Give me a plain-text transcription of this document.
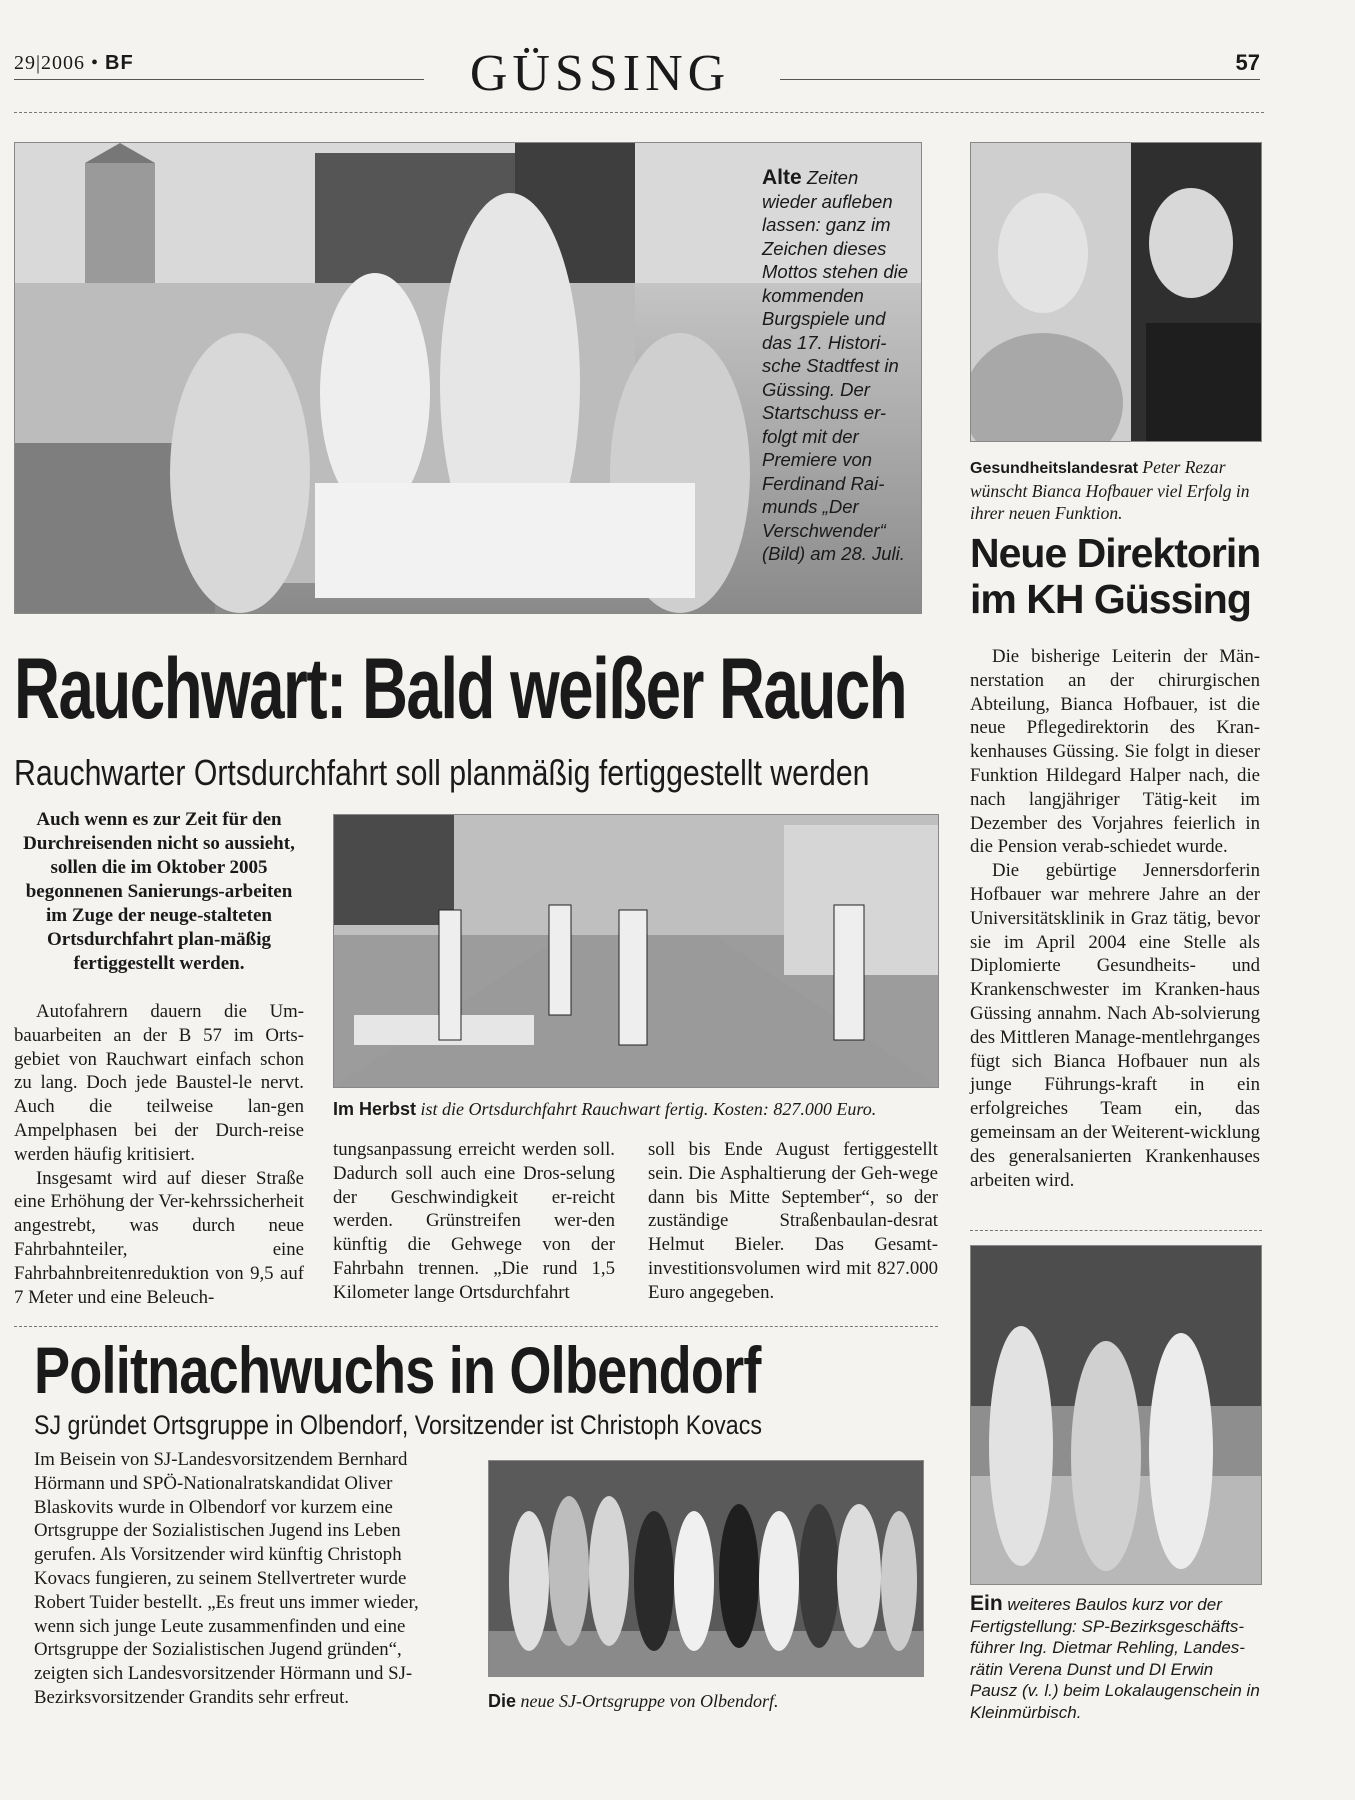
29|2006 • BF	GÜSSING	57
Alte Zeiten wieder aufleben lassen: ganz im Zeichen dieses Mottos stehen die kommenden Burgspiele und das 17. Histori-sche Stadtfest in Güssing. Der Startschuss er-folgt mit der Premiere von Ferdinand Rai-munds „Der Verschwender“ (Bild) am 28. Juli.
Gesundheitslandesrat Peter Rezar wünscht Bianca Hofbauer viel Erfolg in ihrer neuen Funktion.
Neue Direktorin im KH Güssing

Die bisherige Leiterin der Män-nerstation an der chirurgischen Abteilung, Bianca Hofbauer, ist die neue Pflegedirektorin des Kran-kenhauses Güssing. Sie folgt in dieser Funktion Hildegard Halper nach, die nach langjähriger Tätig-keit im Dezember des Vorjahres feierlich in die Pension verab-schiedet wurde.

Die gebürtige Jennersdorferin Hofbauer war mehrere Jahre an der Universitätsklinik in Graz tätig, bevor sie im April 2004 eine Stelle als Diplomierte Gesundheits- und Krankenschwester im Kranken-haus Güssing annahm. Nach Ab-solvierung des Mittleren Manage-mentlehrganges fügt sich Bianca Hofbauer nun als junge Führungs-kraft in ein erfolgreiches Team ein, das gemeinsam an der Weiterent-wicklung des generalsanierten Krankenhauses arbeiten wird.

Rauchwart: Bald weißer Rauch
Rauchwarter Ortsdurchfahrt soll planmäßig fertiggestellt werden
Auch wenn es zur Zeit für den Durchreisenden nicht so aussieht, sollen die im Oktober 2005 begonnenen Sanierungs-arbeiten im Zuge der neuge-stalteten Ortsdurchfahrt plan-mäßig fertiggestellt werden.

Autofahrern dauern die Um-bauarbeiten an der B 57 im Orts-gebiet von Rauchwart einfach schon zu lang. Doch jede Baustel-le nervt. Auch die teilweise lan-gen Ampelphasen bei der Durch-reise werden häufig kritisiert.

Insgesamt wird auf dieser Straße eine Erhöhung der Ver-kehrssicherheit angestrebt, was durch neue Fahrbahnteiler, eine Fahrbahnbreitenreduktion von 9,5 auf 7 Meter und eine Beleuch-

Im Herbst ist die Ortsdurchfahrt Rauchwart fertig. Kosten: 827.000 Euro.
tungsanpassung erreicht werden soll. Dadurch soll auch eine Dros-selung der Geschwindigkeit er-reicht werden. Grünstreifen wer-den künftig die Gehwege von der Fahrbahn trennen. „Die rund 1,5 Kilometer lange Ortsdurchfahrt
soll bis Ende August fertiggestellt sein. Die Asphaltierung der Geh-wege dann bis Mitte September“, so der zuständige Straßenbaulan-desrat Helmut Bieler. Das Gesamt-investitionsvolumen wird mit 827.000 Euro angegeben.
Politnachwuchs in Olbendorf
SJ gründet Ortsgruppe in Olbendorf, Vorsitzender ist Christoph Kovacs
Im Beisein von SJ-Landesvorsitzendem Bernhard Hörmann und SPÖ-Nationalratskandidat Oliver Blaskovits wurde in Olbendorf vor kurzem eine Ortsgruppe der Sozialistischen Jugend ins Leben gerufen. Als Vorsitzender wird künftig Christoph Kovacs fungieren, zu seinem Stellvertreter wurde Robert Tuider bestellt. „Es freut uns immer wieder, wenn sich junge Leute zusammenfinden und eine Ortsgruppe der Sozialistischen Jugend gründen“, zeigten sich Landesvorsitzender Hörmann und SJ-Bezirksvorsitzender Grandits sehr erfreut.	Die neue SJ-Ortsgruppe von Olbendorf.
Ein weiteres Baulos kurz vor der Fertigstellung: SP-Bezirksgeschäfts-führer Ing. Dietmar Rehling, Landes-rätin Verena Dunst und DI Erwin Pausz (v. l.) beim Lokalaugenschein in Kleinmürbisch.
